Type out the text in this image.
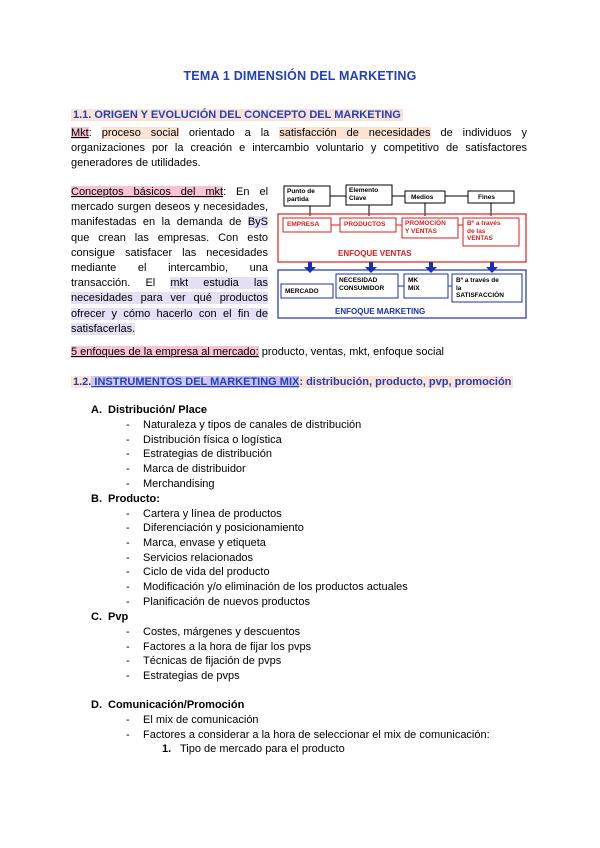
TEMA 1 DIMENSIÓN DEL MARKETING
1.1. ORIGEN Y EVOLUCIÓN DEL CONCEPTO DEL MARKETING
Mkt: proceso social orientado a la satisfacción de necesidades de individuos y organizaciones por la creación e intercambio voluntario y competitivo de satisfactores generadores de utilidades.
Conceptos básicos del mkt: En el mercado surgen deseos y necesidades, manifestadas en la demanda de ByS que crean las empresas. Con esto consigue satisfacer las necesidades mediante el intercambio, una transacción. El mkt estudia las necesidades para ver qué productos ofrecer y cómo hacerlo con el fin de satisfacerlas.
Punto de
partida
Elemento
Clave	Medios	Fines
EMPRESA	PRODUCTOS	PROMOCIÓN
Y VENTAS
Bº a través
de las
VENTAS
ENFOQUE VENTAS
MERCADO
NECESIDAD
CONSUMIDOR
MK
MIX
Bº a través de
la
SATISFACCIÓN
ENFOQUE MARKETING
5 enfoques de la empresa al mercado: producto, ventas, mkt, enfoque social
1.2. INSTRUMENTOS DEL MARKETING MIX: distribución, producto, pvp, promoción
A. Distribución/ Place
- Naturaleza y tipos de canales de distribución
- Distribución física o logística
- Estrategias de distribución
- Marca de distribuidor
- Merchandising
B. Producto:
- Cartera y línea de productos
- Diferenciación y posicionamiento
- Marca, envase y etiqueta
- Servicios relacionados
- Ciclo de vida del producto
- Modificación y/o eliminación de los productos actuales
- Planificación de nuevos productos
C. Pvp
- Costes, márgenes y descuentos
- Factores a la hora de fijar los pvps
- Técnicas de fijación de pvps
- Estrategias de pvps
D. Comunicación/Promoción
- El mix de comunicación
- Factores a considerar a la hora de seleccionar el mix de comunicación:
1. Tipo de mercado para el producto
